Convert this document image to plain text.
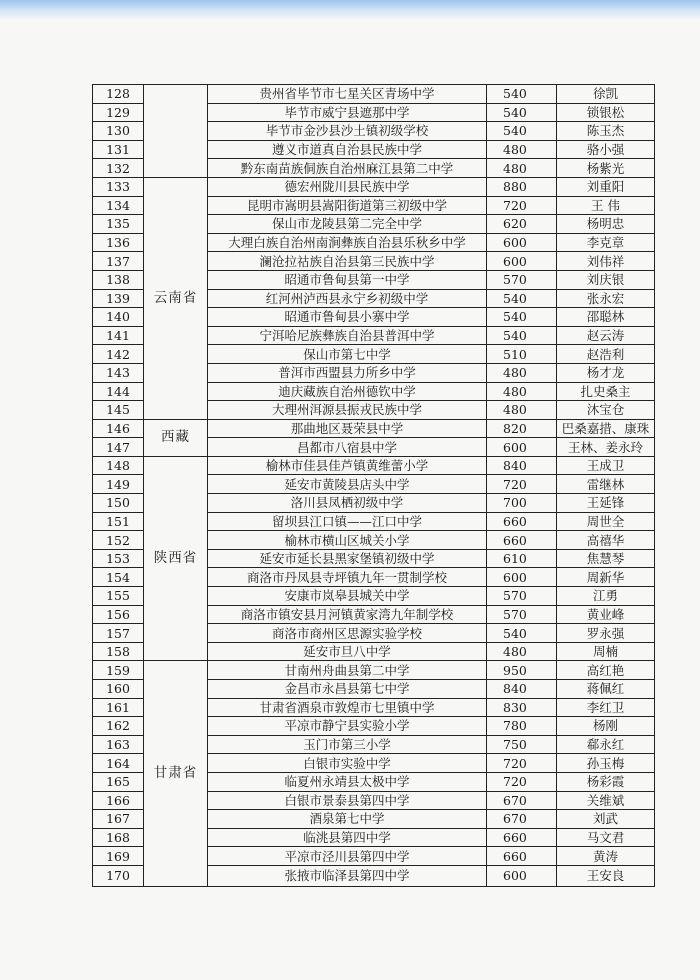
128		贵州省毕节市七星关区青场中学	540	徐凯
129		毕节市威宁县遮那中学	540	锁银松
130		毕节市金沙县沙土镇初级学校	540	陈玉杰
131		遵义市道真自治县民族中学	480	骆小强
132		黔东南苗族侗族自治州麻江县第二中学	480	杨紫光
133	云南省	德宏州陇川县民族中学	880	刘重阳
134		昆明市嵩明县嵩阳街道第三初级中学	720	王 伟
135		保山市龙陵县第二完全中学	620	杨明忠
136		大理白族自治州南涧彝族自治县乐秋乡中学	600	李克章
137		澜沧拉祜族自治县第三民族中学	600	刘伟祥
138		昭通市鲁甸县第一中学	570	刘庆银
139		红河州泸西县永宁乡初级中学	540	张永宏
140		昭通市鲁甸县小寨中学	540	邵聪林
141		宁洱哈尼族彝族自治县普洱中学	540	赵云涛
142		保山市第七中学	510	赵浩利
143		普洱市西盟县力所乡中学	480	杨才龙
144		迪庆藏族自治州德钦中学	480	扎史桑主
145		大理州洱源县振戎民族中学	480	沐宝仓
146	西藏	那曲地区聂荣县中学	820	巴桑嘉措、康珠
147		昌都市八宿县中学	600	王林、姜永玲
148	陕西省	榆林市佳县佳芦镇黄维蕾小学	840	王成卫
149		延安市黄陵县店头中学	720	雷继林
150		洛川县凤栖初级中学	700	王延锋
151		留坝县江口镇——江口中学	660	周世全
152		榆林市横山区城关小学	660	高禧华
153		延安市延长县黑家堡镇初级中学	610	焦慧琴
154		商洛市丹凤县寺坪镇九年一贯制学校	600	周新华
155		安康市岚皋县城关中学	570	江勇
156		商洛市镇安县月河镇黄家湾九年制学校	570	黄业峰
157		商洛市商州区思源实验学校	540	罗永强
158		延安市旦八中学	480	周楠
159	甘肃省	甘南州舟曲县第二中学	950	高红艳
160		金昌市永昌县第七中学	840	蒋佩红
161		甘肃省酒泉市敦煌市七里镇中学	830	李红卫
162		平凉市静宁县实验小学	780	杨刚
163		玉门市第三小学	750	郗永红
164		白银市实验中学	720	孙玉梅
165		临夏州永靖县太极中学	720	杨彩霞
166		白银市景泰县第四中学	670	关维斌
167		酒泉第七中学	670	刘武
168		临洮县第四中学	660	马文君
169		平凉市泾川县第四中学	660	黄涛
170		张掖市临泽县第四中学	600	王安良
